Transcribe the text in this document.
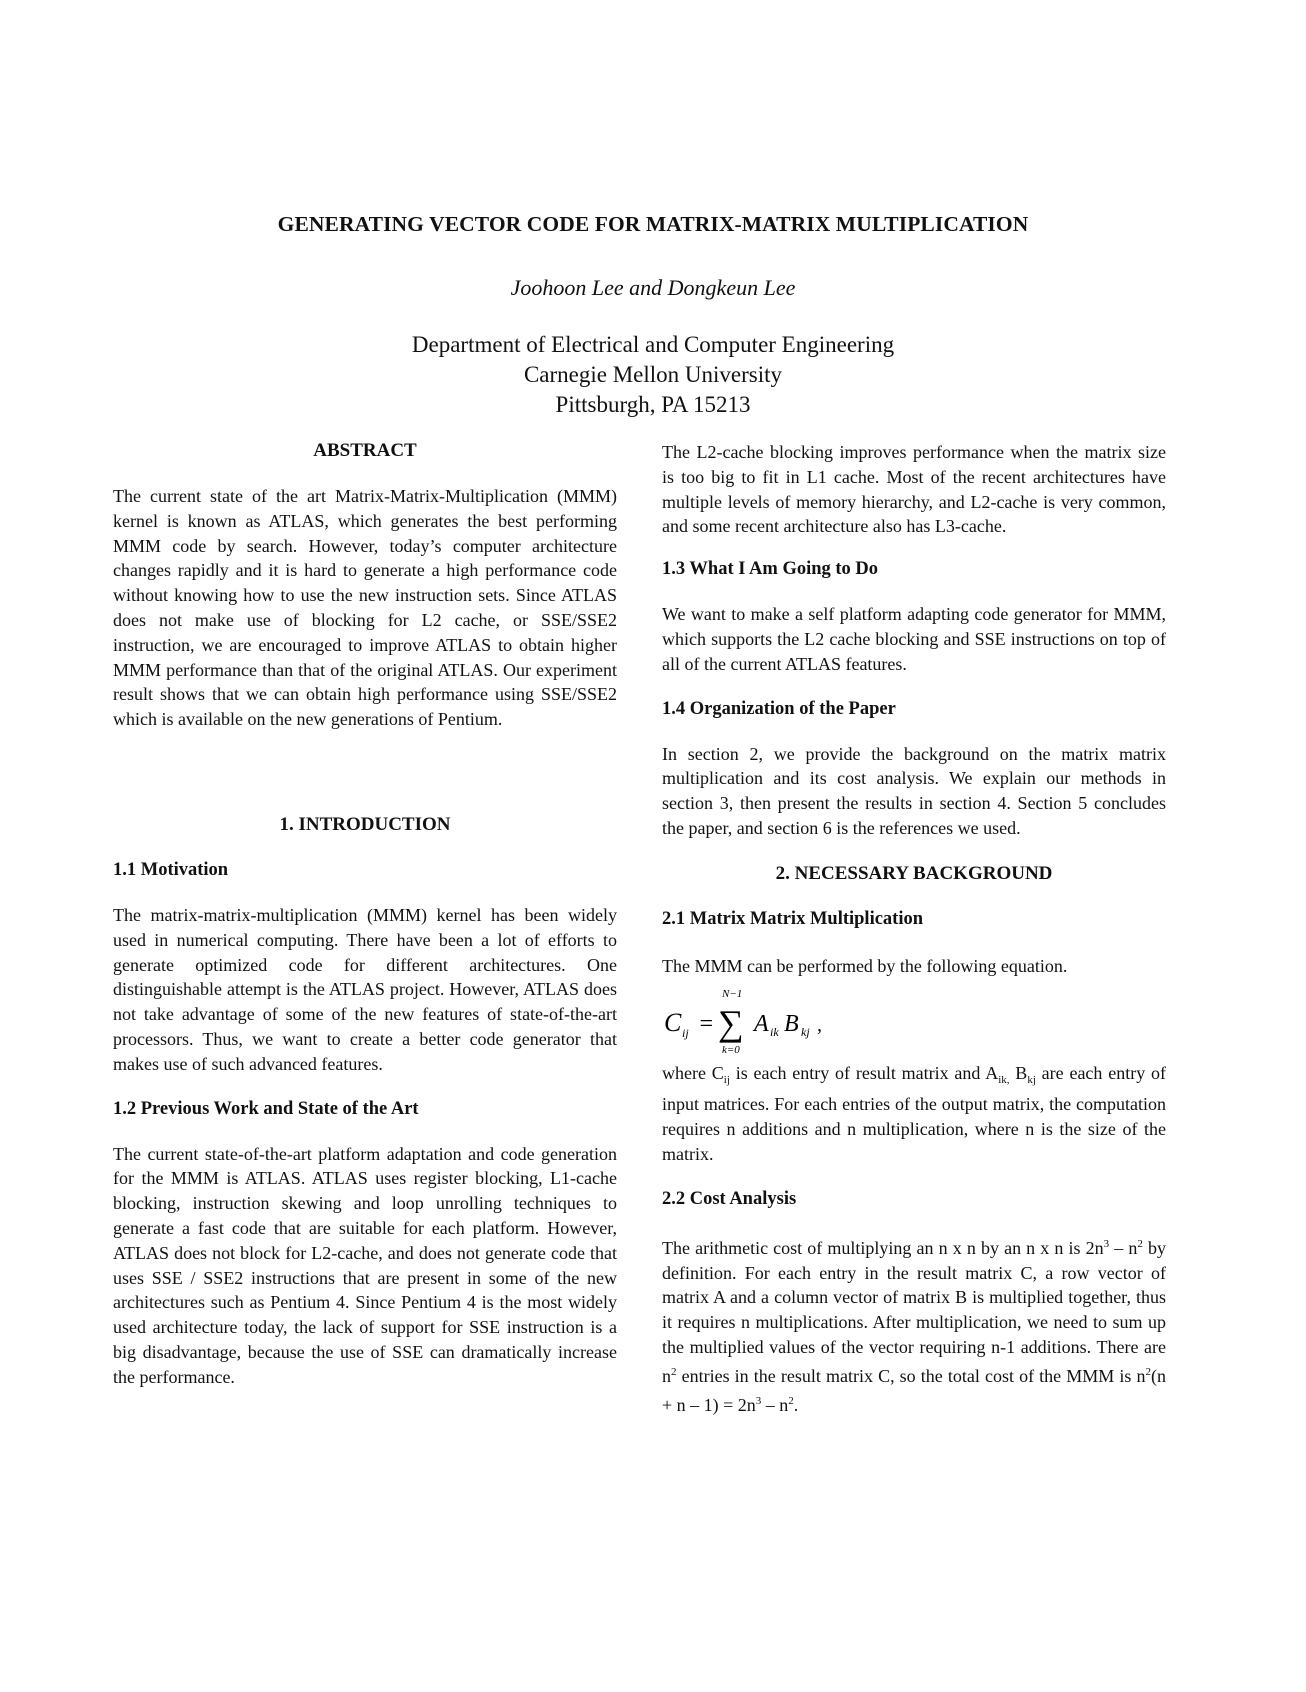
GENERATING VECTOR CODE FOR MATRIX-MATRIX MULTIPLICATION
Joohoon Lee and Dongkeun Lee
Department of Electrical and Computer Engineering
Carnegie Mellon University
Pittsburgh, PA 15213

ABSTRACT

The current state of the art Matrix-Matrix-Multiplication (MMM) kernel is known as ATLAS, which generates the best performing MMM code by search. However, today’s computer architecture changes rapidly and it is hard to generate a high performance code without knowing how to use the new instruction sets. Since ATLAS does not make use of blocking for L2 cache, or SSE/SSE2 instruction, we are encouraged to improve ATLAS to obtain higher MMM performance than that of the original ATLAS. Our experiment result shows that we can obtain high performance using SSE/SSE2 which is available on the new generations of Pentium.

1. INTRODUCTION

1.1 Motivation

The matrix-matrix-multiplication (MMM) kernel has been widely used in numerical computing. There have been a lot of efforts to generate optimized code for different architectures. One distinguishable attempt is the ATLAS project. However, ATLAS does not take advantage of some of the new features of state-of-the-art processors. Thus, we want to create a better code generator that makes use of such advanced features.

1.2 Previous Work and State of the Art

The current state-of-the-art platform adaptation and code generation for the MMM is ATLAS. ATLAS uses register blocking, L1-cache blocking, instruction skewing and loop unrolling techniques to generate a fast code that are suitable for each platform. However, ATLAS does not block for L2-cache, and does not generate code that uses SSE / SSE2 instructions that are present in some of the new architectures such as Pentium 4. Since Pentium 4 is the most widely used architecture today, the lack of support for SSE instruction is a big disadvantage, because the use of SSE can dramatically increase the performance.

The L2-cache blocking improves performance when the matrix size is too big to fit in L1 cache. Most of the recent architectures have multiple levels of memory hierarchy, and L2-cache is very common, and some recent architecture also has L3-cache.

1.3 What I Am Going to Do

We want to make a self platform adapting code generator for MMM, which supports the L2 cache blocking and SSE instructions on top of all of the current ATLAS features.

1.4 Organization of the Paper

In section 2, we provide the background on the matrix matrix multiplication and its cost analysis. We explain our methods in section 3, then present the results in section 4. Section 5 concludes the paper, and section 6 is the references we used.

2. NECESSARY BACKGROUND

2.1 Matrix Matrix Multiplication

The MMM can be performed by the following equation.

C ij =
N−1
∑
k=0
A ik B kj ,

where $C_{ij}$ is each entry of result matrix and $A_{ik,}$ $B_{kj}$ are each entry of input matrices. For each entries of the output matrix, the computation requires n additions and n multiplication, where n is the size of the matrix.

2.2 Cost Analysis

The arithmetic cost of multiplying an n x n by an n x n is $2n^3 - n^2$ by definition. For each entry in the result matrix C, a row vector of matrix A and a column vector of matrix B is multiplied together, thus it requires n multiplications. After multiplication, we need to sum up the multiplied values of the vector requiring n-1 additions. There are $n^2$ entries in the result matrix C, so the total cost of the MMM is $n^2(n + n - 1) = 2n^3 - n^2$.
